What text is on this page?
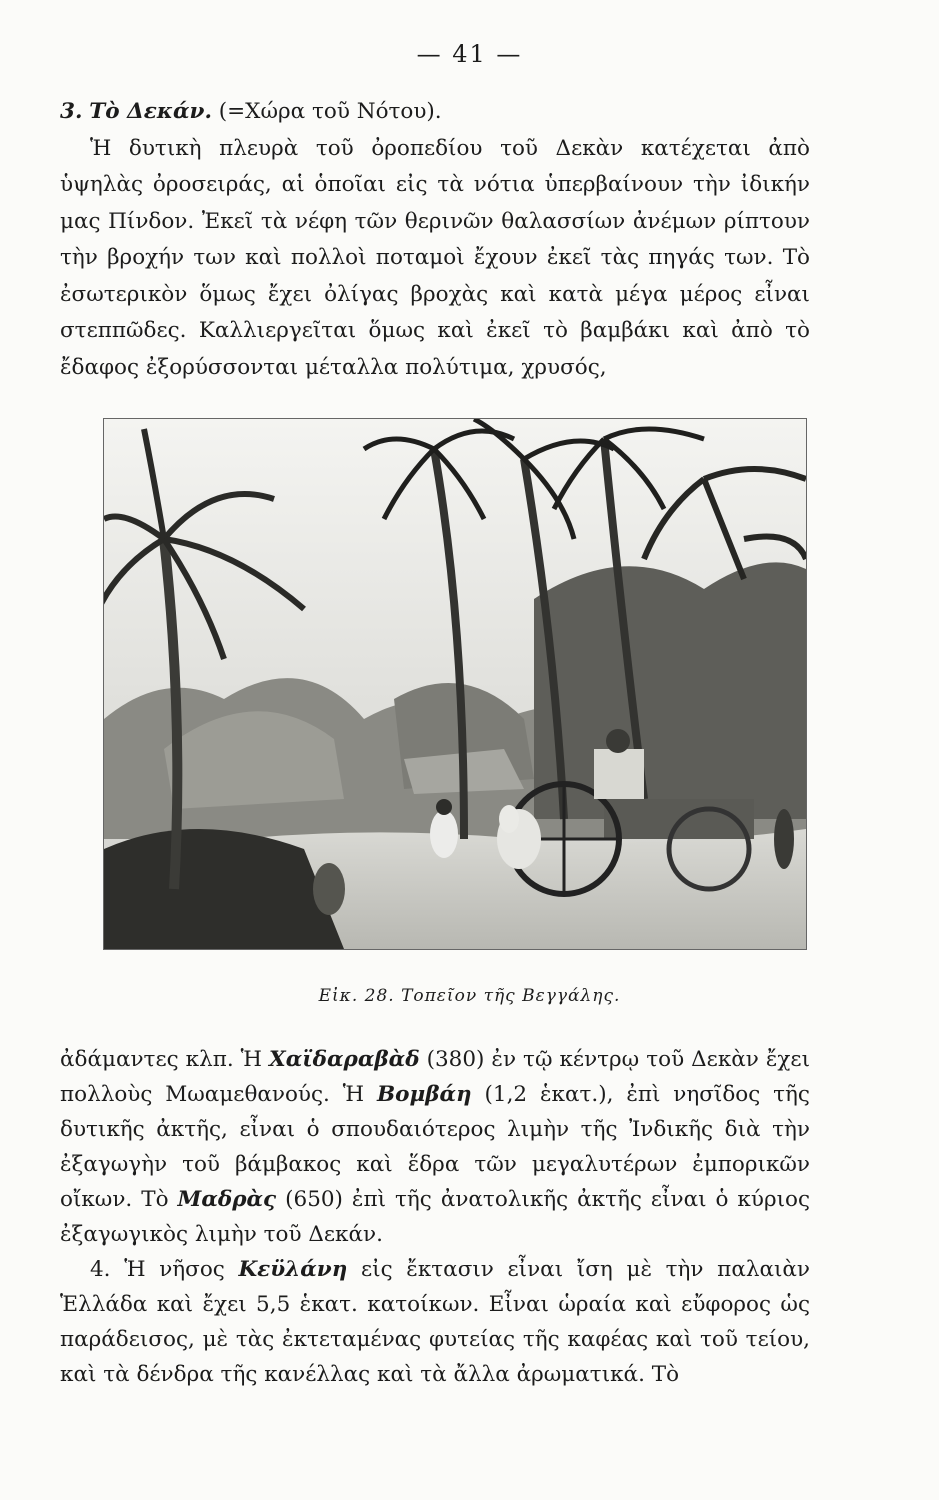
— 41 —

3. Τὸ Δεκάν. (=Χώρα τοῦ Νότου).

Ἡ δυτικὴ πλευρὰ τοῦ ὀροπεδίου τοῦ Δεκὰν κατέχεται ἀπὸ ὑψηλὰς ὀροσειράς, αἱ ὁποῖαι εἰς τὰ νότια ὑπερβαίνουν τὴν ἰδικήν μας Πίνδον. Ἐκεῖ τὰ νέφη τῶν θερινῶν θαλασσίων ἀνέμων ρίπτουν τὴν βροχήν των καὶ πολλοὶ ποταμοὶ ἔχουν ἐκεῖ τὰς πηγάς των. Τὸ ἐσωτερικὸν ὅμως ἔχει ὀλίγας βροχὰς καὶ κατὰ μέγα μέρος εἶναι στεππῶδες. Καλλιεργεῖται ὅμως καὶ ἐκεῖ τὸ βαμβάκι καὶ ἀπὸ τὸ ἔδαφος ἐξορύσσονται μέταλλα πολύτιμα, χρυσός,

Εἰκ. 28. Τοπεῖον τῆς Βεγγάλης.

ἀδάμαντες κλπ. Ἡ Χαϊδαραβὰδ (380) ἐν τῷ κέντρῳ τοῦ Δεκὰν ἔχει πολλοὺς Μωαμεθανούς. Ἡ Βομβάη (1,2 ἑκατ.), ἐπὶ νησῖδος τῆς δυτικῆς ἀκτῆς, εἶναι ὁ σπουδαιότερος λιμὴν τῆς Ἰνδικῆς διὰ τὴν ἐξαγωγὴν τοῦ βάμβακος καὶ ἕδρα τῶν μεγαλυτέρων ἐμπορικῶν οἴκων. Τὸ Μαδρὰς (650) ἐπὶ τῆς ἀνατολικῆς ἀκτῆς εἶναι ὁ κύριος ἐξαγωγικὸς λιμὴν τοῦ Δεκάν.

4. Ἡ νῆσος Κεϋλάνη εἰς ἔκτασιν εἶναι ἴση μὲ τὴν παλαιὰν Ἑλλάδα καὶ ἔχει 5,5 ἑκατ. κατοίκων. Εἶναι ὡραία καὶ εὔφορος ὡς παράδεισος, μὲ τὰς ἐκτεταμένας φυτείας τῆς καφέας καὶ τοῦ τείου, καὶ τὰ δένδρα τῆς κανέλλας καὶ τὰ ἄλλα ἀρωματικά. Τὸ
